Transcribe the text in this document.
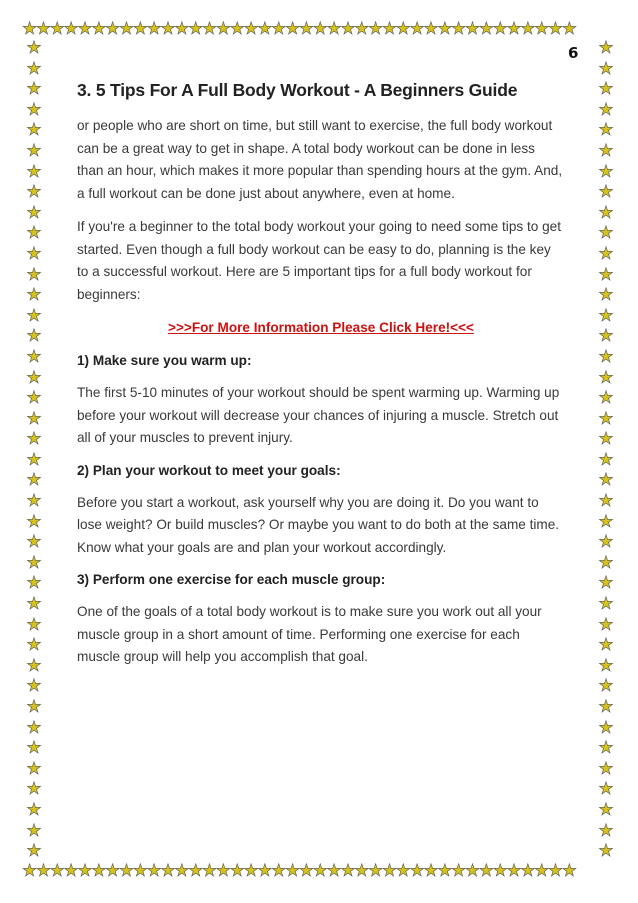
★★★★★★★★★★★★★★★★★★★★★★★★★★★★★★★★★★★★★★★★
★★★★★★★★★★★★★★★★★★★★★★★★★★★★★★★★★★★★★★★★
★★★★★★★★★★★★★★★★★★★★★★★★★★★★★★★★★★★★★★★★
★★★★★★★★★★★★★★★★★★★★★★★★★★★★★★★★★★★★★★★★
6
3. 5 Tips For A Full Body Workout - A Beginners Guide

or people who are short on time, but still want to exercise, the full body workout can be a great way to get in shape. A total body workout can be done in less than an hour, which makes it more popular than spending hours at the gym. And, a full workout can be done just about anywhere, even at home.

If you're a beginner to the total body workout your going to need some tips to get started. Even though a full body workout can be easy to do, planning is the key to a successful workout. Here are 5 important tips for a full body workout for beginners:

>>>For More Information Please Click Here!<<<
1) Make sure you warm up:

The first 5-10 minutes of your workout should be spent warming up. Warming up before your workout will decrease your chances of injuring a muscle. Stretch out all of your muscles to prevent injury.

2) Plan your workout to meet your goals:

Before you start a workout, ask yourself why you are doing it. Do you want to lose weight? Or build muscles? Or maybe you want to do both at the same time. Know what your goals are and plan your workout accordingly.

3) Perform one exercise for each muscle group:

One of the goals of a total body workout is to make sure you work out all your muscle group in a short amount of time. Performing one exercise for each muscle group will help you accomplish that goal.
